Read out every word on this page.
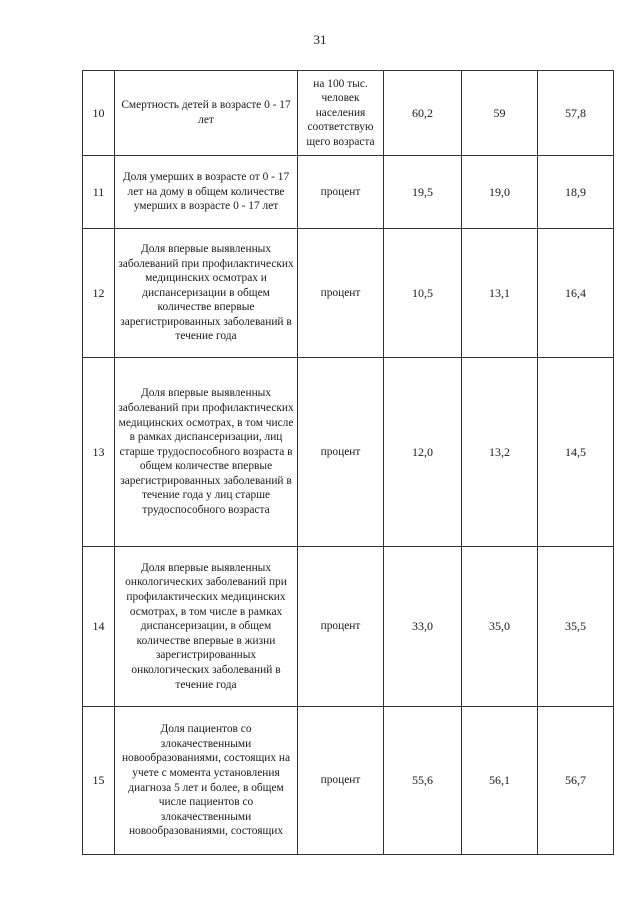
31
10	Смертность детей в возрасте 0 - 17 лет	на 100 тыс. человек населения соответствую щего возраста	60,2	59	57,8
11	Доля умерших в возрасте от 0 - 17 лет на дому в общем количестве умерших в возрасте 0 - 17 лет	процент	19,5	19,0	18,9
12	Доля впервые выявленных заболеваний при профилактических медицинских осмотрах и диспансеризации в общем количестве впервые зарегистрированных заболеваний в течение года	процент	10,5	13,1	16,4
13	Доля впервые выявленных заболеваний при профилактических медицинских осмотрах, в том числе в рамках диспансеризации, лиц старше трудоспособного возраста в общем количестве впервые зарегистрированных заболеваний в течение года у лиц старше трудоспособного возраста	процент	12,0	13,2	14,5
14	Доля впервые выявленных онкологических заболеваний при профилактических медицинских осмотрах, в том числе в рамках диспансеризации, в общем количестве впервые в жизни зарегистрированных онкологических заболеваний в течение года	процент	33,0	35,0	35,5
15	Доля пациентов со злокачественными новообразованиями, состоящих на учете с момента установления диагноза 5 лет и более, в общем числе пациентов со злокачественными новообразованиями, состоящих	процент	55,6	56,1	56,7
